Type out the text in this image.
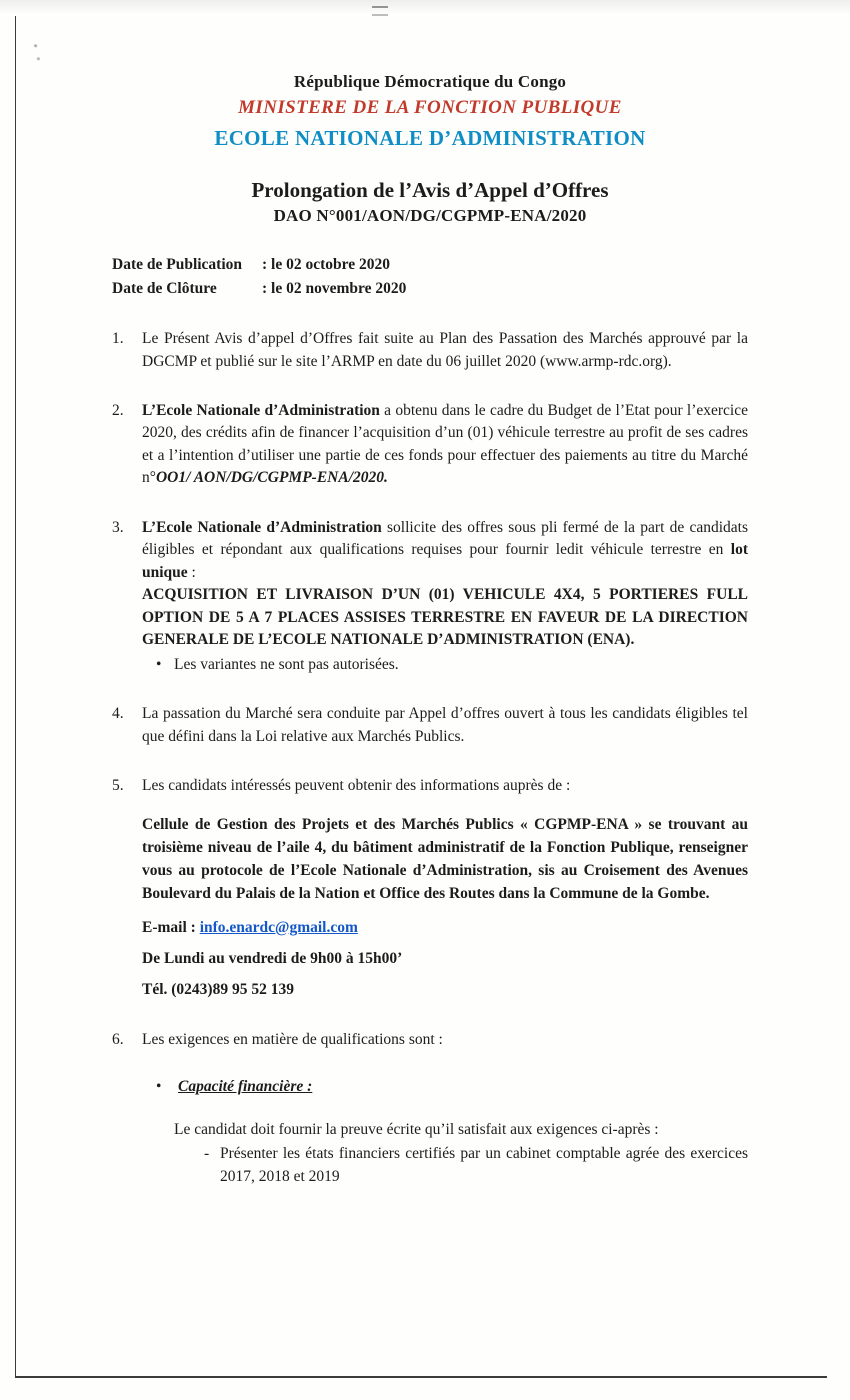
République Démocratique du Congo
MINISTERE DE LA FONCTION PUBLIQUE
ECOLE NATIONALE D’ADMINISTRATION
Prolongation de l’Avis d’Appel d’Offres
DAO N°001/AON/DG/CGPMP-ENA/2020
Date de Publication	: le 02 octobre 2020
Date de Clôture	: le 02 novembre 2020
1.	Le Présent Avis d’appel d’Offres fait suite au Plan des Passation des Marchés approuvé par la DGCMP et publié sur le site l’ARMP en date du 06 juillet 2020 (www.armp-rdc.org).
2.	L’Ecole Nationale d’Administration a obtenu dans le cadre du Budget de l’Etat pour l’exercice 2020, des crédits afin de financer l’acquisition d’un (01) véhicule terrestre au profit de ses cadres et a l’intention d’utiliser une partie de ces fonds pour effectuer des paiements au titre du Marché n°OO1/ AON/DG/CGPMP-ENA/2020.
3.	L’Ecole Nationale d’Administration sollicite des offres sous pli fermé de la part de candidats éligibles et répondant aux qualifications requises pour fournir ledit véhicule terrestre en lot unique :
ACQUISITION ET LIVRAISON D’UN (01) VEHICULE 4X4, 5 PORTIERES FULL OPTION DE 5 A 7 PLACES ASSISES TERRESTRE EN FAVEUR DE LA DIRECTION GENERALE DE L’ECOLE NATIONALE D’ADMINISTRATION (ENA).
• Les variantes ne sont pas autorisées.
4.	La passation du Marché sera conduite par Appel d’offres ouvert à tous les candidats éligibles tel que défini dans la Loi relative aux Marchés Publics.
5.	Les candidats intéressés peuvent obtenir des informations auprès de :
Cellule de Gestion des Projets et des Marchés Publics « CGPMP-ENA » se trouvant au troisième niveau de l’aile 4, du bâtiment administratif de la Fonction Publique, renseigner vous au protocole de l’Ecole Nationale d’Administration, sis au Croisement des Avenues Boulevard du Palais de la Nation et Office des Routes dans la Commune de la Gombe.
E-mail : info.enardc@gmail.com
De Lundi au vendredi de 9h00 à 15h00’
Tél. (0243)89 95 52 139
6.	Les exigences en matière de qualifications sont :
•	Capacité financière :
Le candidat doit fournir la preuve écrite qu’il satisfait aux exigences ci-après :
- Présenter les états financiers certifiés par un cabinet comptable agrée des exercices 2017, 2018 et 2019
